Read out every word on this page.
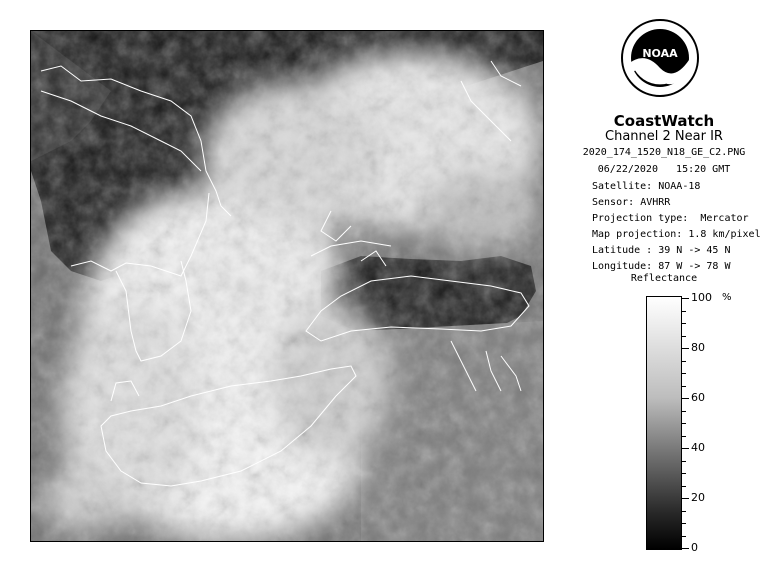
NOAA
CoastWatch
Channel 2 Near IR
2020_174_1520_N18_GE_C2.PNG
06/22/2020 15:20 GMT
Satellite: NOAA-18
Sensor: AVHRR
Projection type: Mercator
Map projection: 1.8 km/pixel
Latitude : 39 N -> 45 N
Longitude: 87 W -> 78 W
Reflectance
%
100
80
60
40
20
0
